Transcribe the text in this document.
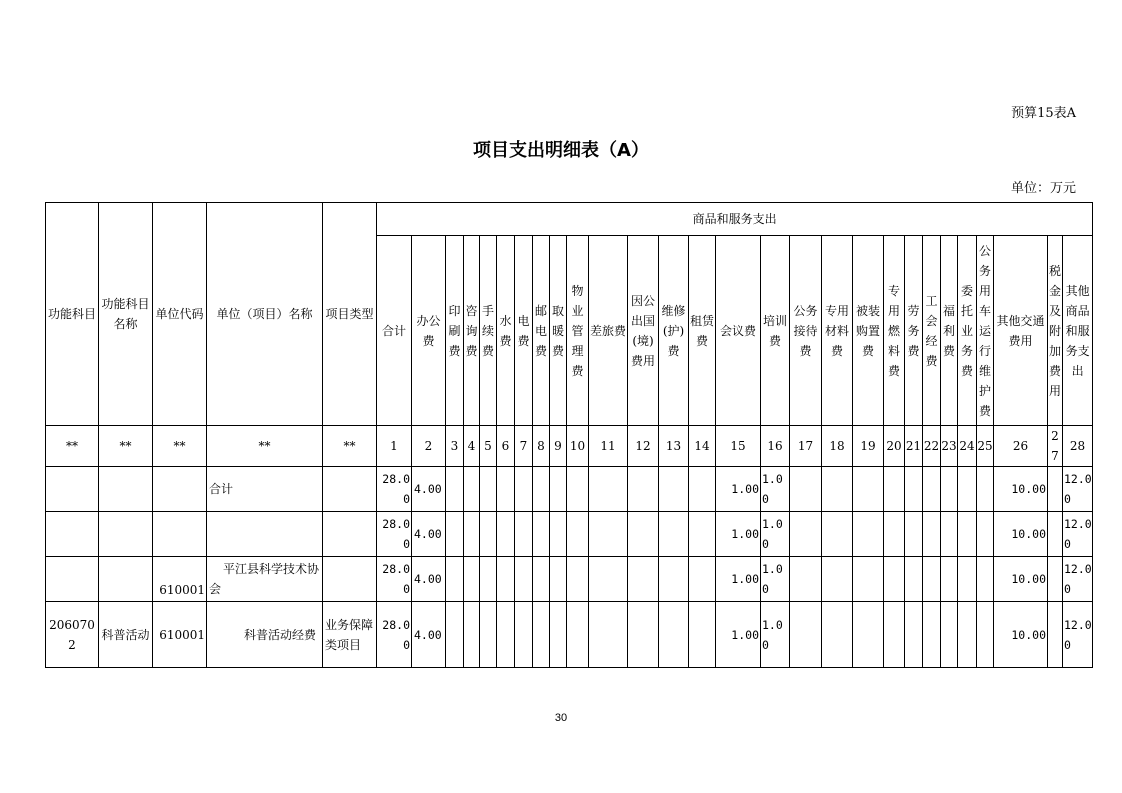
预算15表A
项目支出明细表（A）
单位：万元
功能科目	功能科目名称	单位代码	单位（项目）名称	项目类型	商品和服务支出																											
					合计	办公费	印刷费	咨询费	手续费	水费	电费	邮电费	取暖费	物业管理费	差旅费	因公出国(境)费用	维修(护)费	租赁费	会议费	培训费	公务接待费	专用材料费	被装购置费	专用燃料费	劳务费	工会经费	福利费	委托业务费	公务用车运行维护费	其他交通费用	税金及附加费用	其他商品和服务支出
**	**	**	**	**	1	2	3	4	5	6	7	8	9	10	11	12	13	14	15	16	17	18	19	20	21	22	23	24	25	26	27	28
			合计		28.00	4.00													1.00	1.00										10.00		12.00
					28.00	4.00													1.00	1.00										10.00		12.00
		610001	平江县科学技术协会		28.00	4.00													1.00	1.00										10.00		12.00
2060702	科普活动	610001	科普活动经费	业务保障类项目	28.00	4.00													1.00	1.00										10.00		12.00
30
